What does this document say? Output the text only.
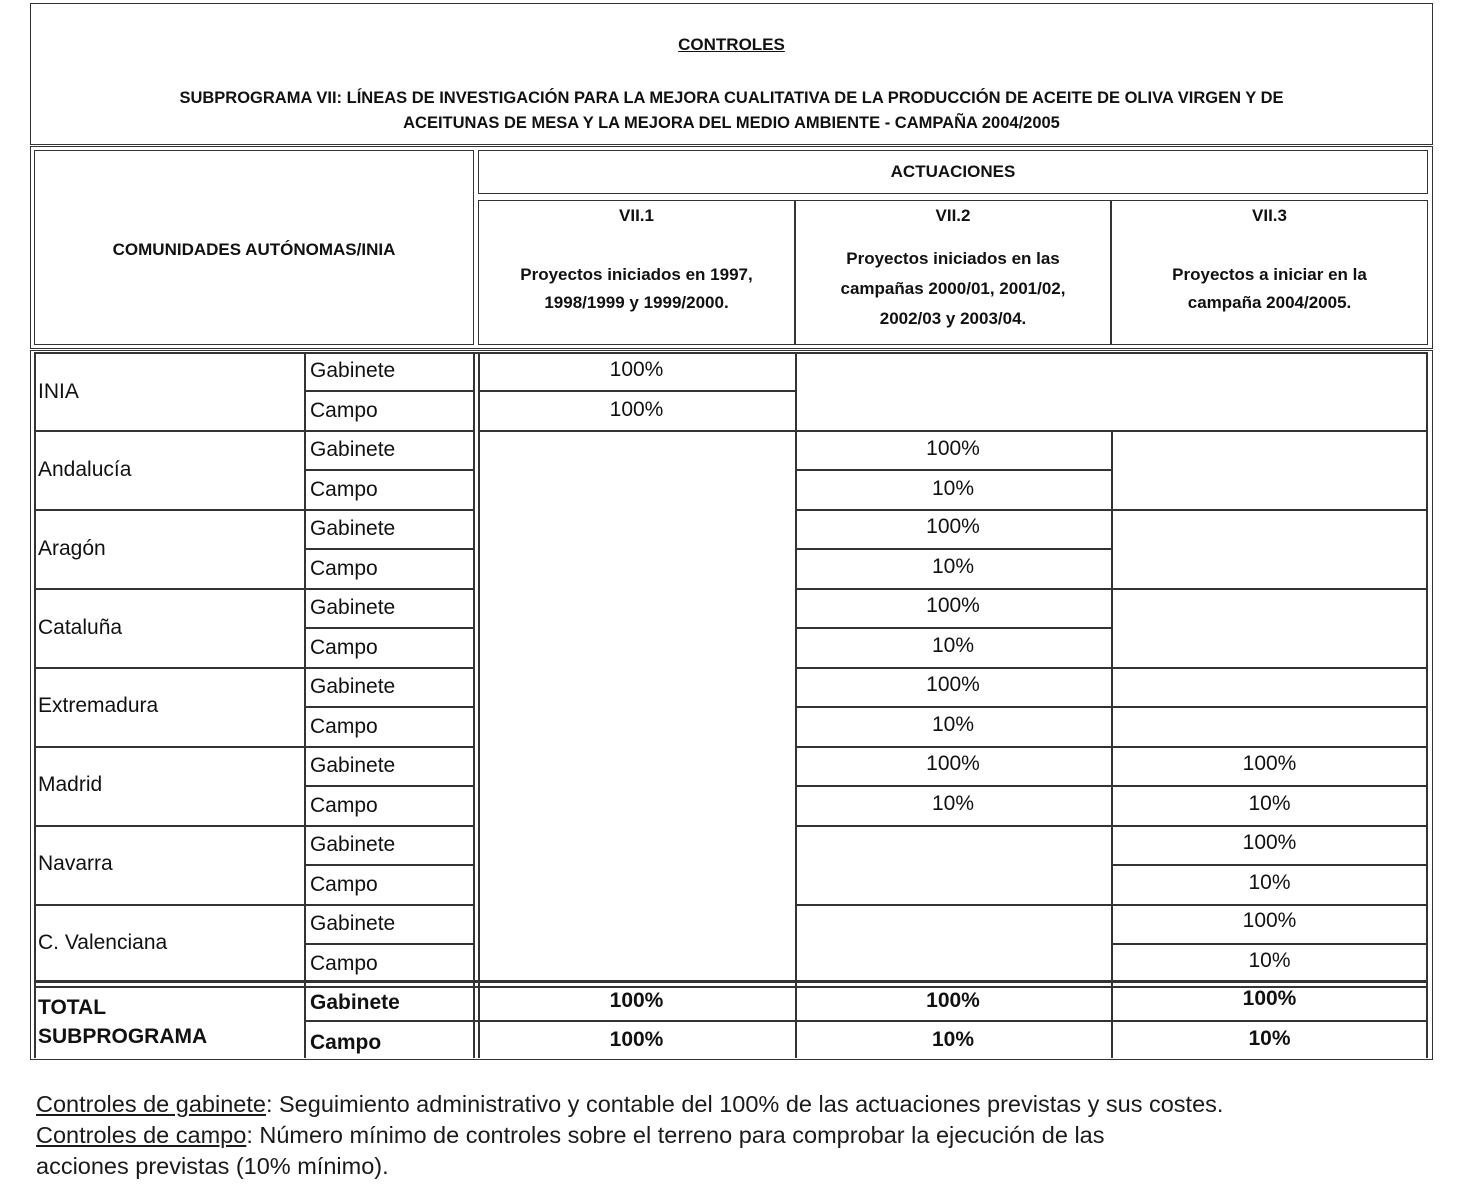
CONTROLES
SUBPROGRAMA VII: LÍNEAS DE INVESTIGACIÓN PARA LA MEJORA CUALITATIVA DE LA PRODUCCIÓN DE ACEITE DE OLIVA VIRGEN Y DE
ACEITUNAS DE MESA Y LA MEJORA DEL MEDIO AMBIENTE - CAMPAÑA 2004/2005
COMUNIDADES AUTÓNOMAS/INIA
ACTUACIONES
VII.1
Proyectos iniciados en 1997,
1998/1999 y 1999/2000.
VII.2
Proyectos iniciados en las
campañas 2000/01, 2001/02,
2002/03 y 2003/04.
VII.3
Proyectos a iniciar en la
campaña 2004/2005.
INIA
Andalucía
Aragón
Cataluña
Extremadura
Madrid
Navarra
C. Valenciana
TOTAL
SUBPROGRAMA
Gabinete
Campo
Gabinete
Campo
Gabinete
Campo
Gabinete
Campo
Gabinete
Campo
Gabinete
Campo
Gabinete
Campo
Gabinete
Campo
Gabinete
Campo
100%
100%
100%
10%
100%
10%
100%
10%
100%
10%
100%
10%
100%
10%
100%
10%
100%
10%
100%
100%
100%
10%
100%
10%
Controles de gabinete: Seguimiento administrativo y contable del 100% de las actuaciones previstas y sus costes.
Controles de campo: Número mínimo de controles sobre el terreno para comprobar la ejecución de las
acciones previstas (10% mínimo).
